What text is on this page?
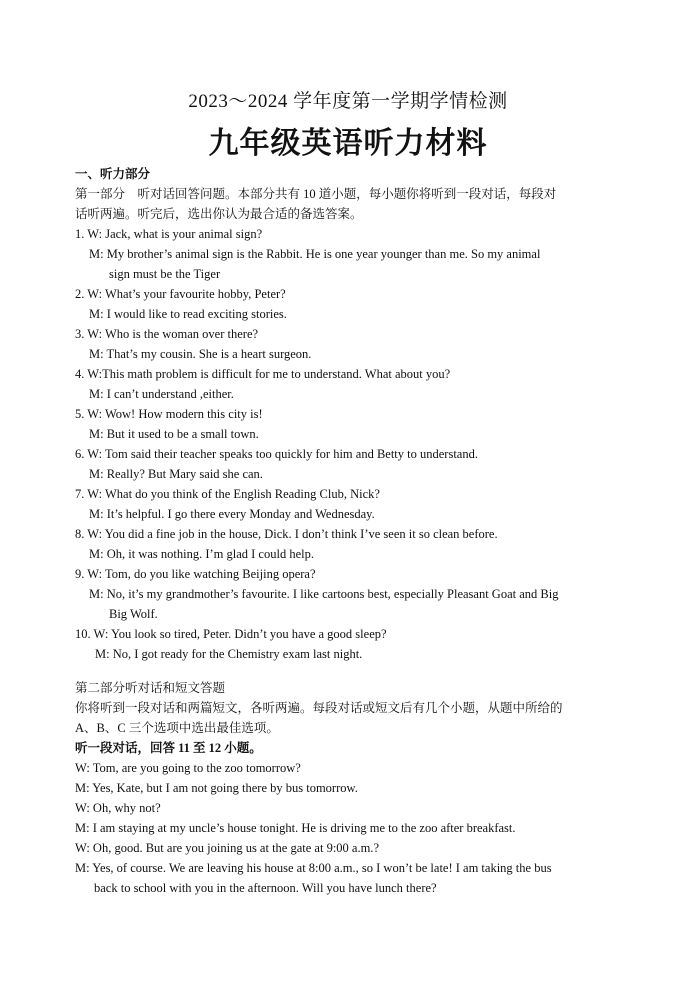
2023～2024 学年度第一学期学情检测
九年级英语听力材料
一、听力部分
第一部分　听对话回答问题。本部分共有 10 道小题，每小题你将听到一段对话，每段对
话听两遍。听完后，选出你认为最合适的备选答案。
1. W: Jack, what is your animal sign?
M: My brother’s animal sign is the Rabbit. He is one year younger than me. So my animal
sign must be the Tiger
2. W: What’s your favourite hobby, Peter?
M: I would like to read exciting stories.
3. W: Who is the woman over there?
M: That’s my cousin. She is a heart surgeon.
4. W:This math problem is difficult for me to understand. What about you?
M: I can’t understand ,either.
5. W: Wow! How modern this city is!
M: But it used to be a small town.
6. W: Tom said their teacher speaks too quickly for him and Betty to understand.
M: Really? But Mary said she can.
7. W: What do you think of the English Reading Club, Nick?
M: It’s helpful. I go there every Monday and Wednesday.
8. W: You did a fine job in the house, Dick. I don’t think I’ve seen it so clean before.
M: Oh, it was nothing. I’m glad I could help.
9. W: Tom, do you like watching Beijing opera?
M: No, it’s my grandmother’s favourite. I like cartoons best, especially Pleasant Goat and Big
Big Wolf.
10. W: You look so tired, Peter. Didn’t you have a good sleep?
M: No, I got ready for the Chemistry exam last night.
第二部分听对话和短文答题
你将听到一段对话和两篇短文，各听两遍。每段对话或短文后有几个小题，从题中所给的
A、B、C 三个选项中选出最佳选项。
听一段对话，回答 11 至 12 小题。
W: Tom, are you going to the zoo tomorrow?
M: Yes, Kate, but I am not going there by bus tomorrow.
W: Oh, why not?
M: I am staying at my uncle’s house tonight. He is driving me to the zoo after breakfast.
W: Oh, good. But are you joining us at the gate at 9:00 a.m.?
M: Yes, of course. We are leaving his house at 8:00 a.m., so I won’t be late! I am taking the bus
back to school with you in the afternoon. Will you have lunch there?
